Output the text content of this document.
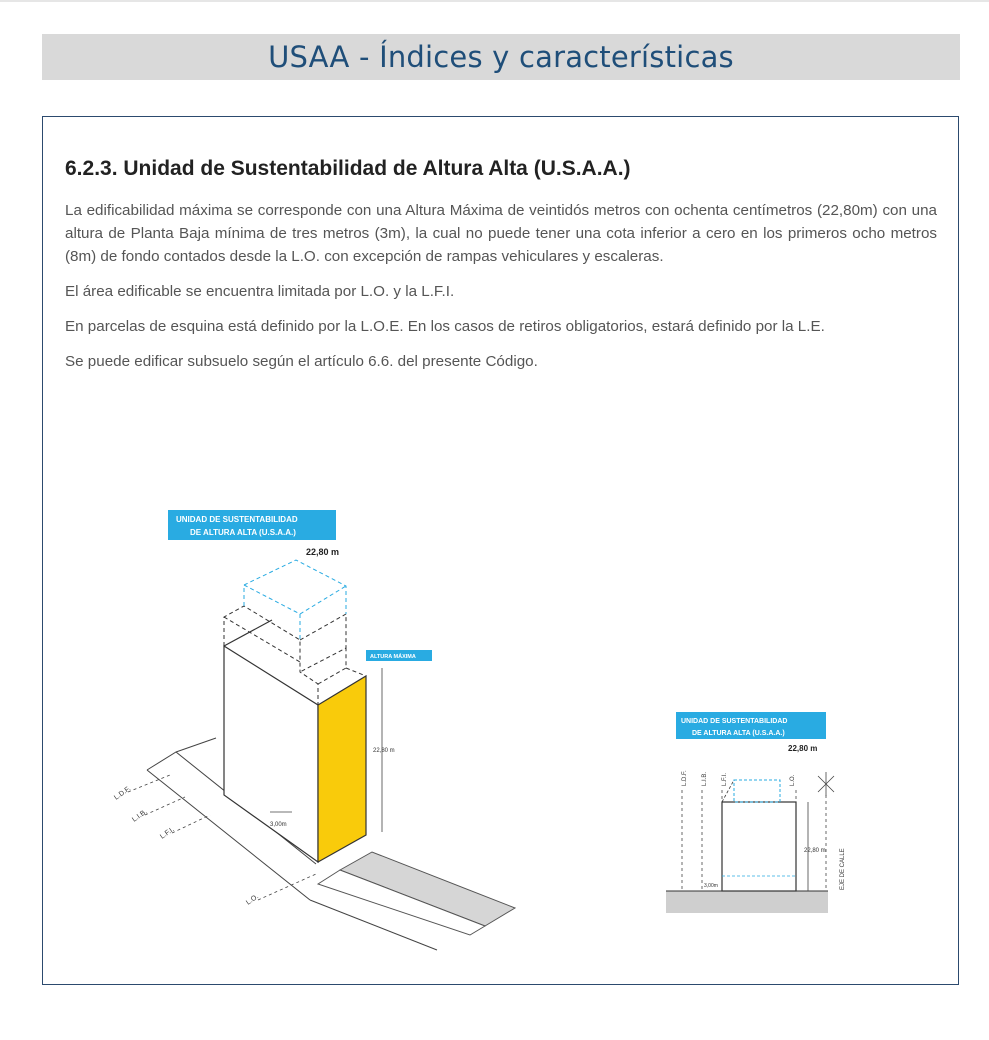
USAA - Índices y características
6.2.3. Unidad de Sustentabilidad de Altura Alta (U.S.A.A.)

La edificabilidad máxima se corresponde con una Altura Máxima de veintidós metros con ochenta centímetros (22,80m) con una altura de Planta Baja mínima de tres metros (3m), la cual no puede tener una cota inferior a cero en los primeros ocho metros (8m) de fondo contados desde la L.O. con excepción de rampas vehiculares y escaleras.

El área edificable se encuentra limitada por L.O. y la L.F.I.

En parcelas de esquina está definido por la L.O.E. En los casos de retiros obligatorios, estará definido por la L.E.

Se puede edificar subsuelo según el artículo 6.6. del presente Código.

UNIDAD DE SUSTENTABILIDAD
DE ALTURA ALTA (U.S.A.A.)
22,80 m
3,00m
22,80 m
ALTURA MÁXIMA
L.D.F.
L.I.B.
L.F.I.
L.O.
UNIDAD DE SUSTENTABILIDAD
DE ALTURA ALTA (U.S.A.A.)
22,80 m
L.D.F. L.I.B. L.F.I.	L.O.
EJE DE CALLE
22,80 m
3,00m
